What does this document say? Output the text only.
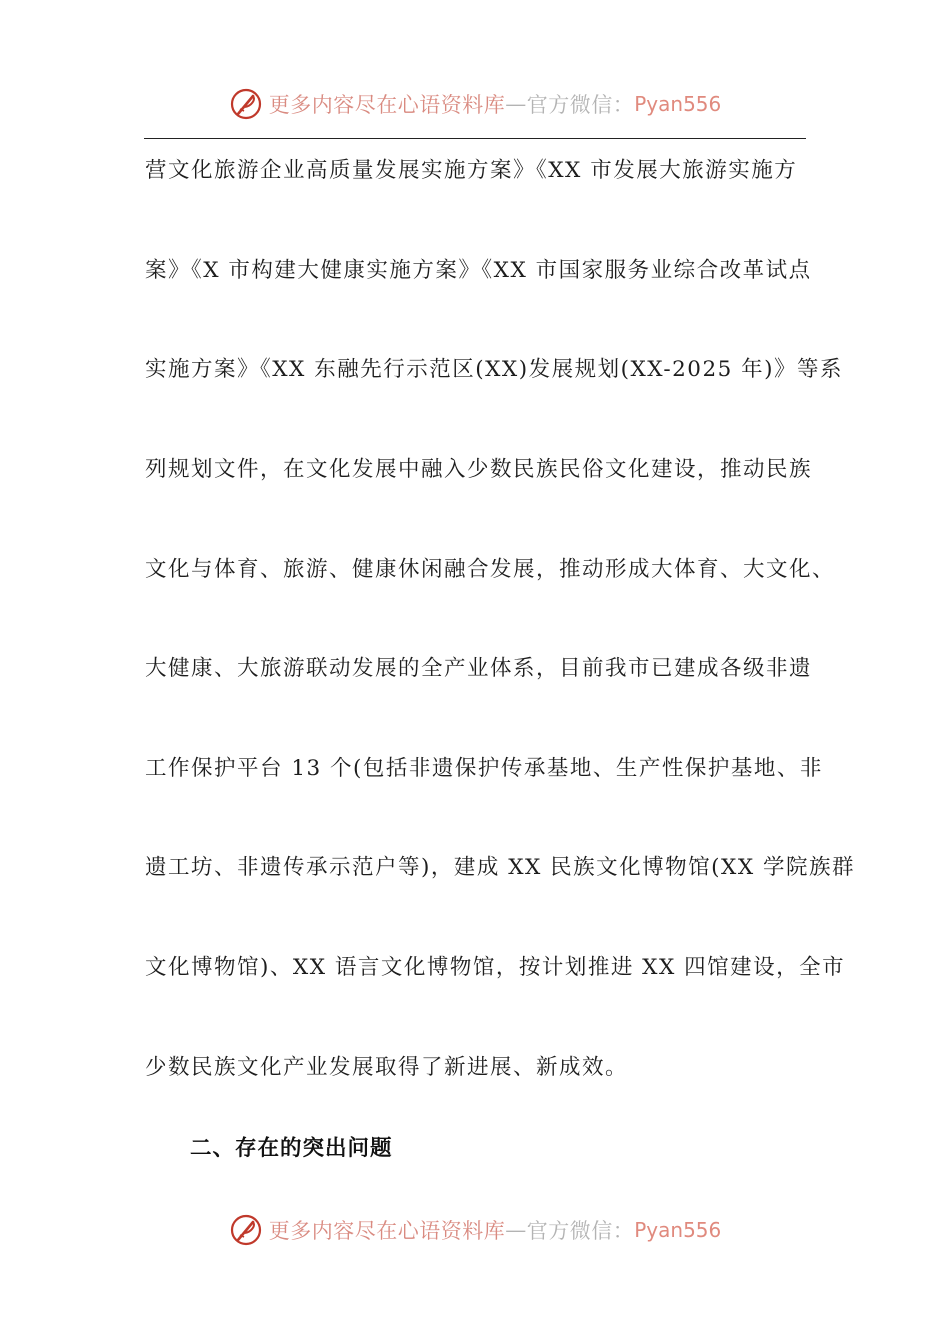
更多内容尽在心语资料库 — 官方微信： Pyan556
营文化旅游企业高质量发展实施方案》《XX 市发展大旅游实施方
案》《X 市构建大健康实施方案》《XX 市国家服务业综合改革试点
实施方案》《XX 东融先行示范区(XX)发展规划(XX-2025 年)》等系
列规划文件，在文化发展中融入少数民族民俗文化建设，推动民族
文化与体育、旅游、健康休闲融合发展，推动形成大体育、大文化、
大健康、大旅游联动发展的全产业体系，目前我市已建成各级非遗
工作保护平台 13 个(包括非遗保护传承基地、生产性保护基地、非
遗工坊、非遗传承示范户等)，建成 XX 民族文化博物馆(XX 学院族群
文化博物馆)、XX 语言文化博物馆，按计划推进 XX 四馆建设，全市
少数民族文化产业发展取得了新进展、新成效。
二、存在的突出问题
更多内容尽在心语资料库 — 官方微信： Pyan556
